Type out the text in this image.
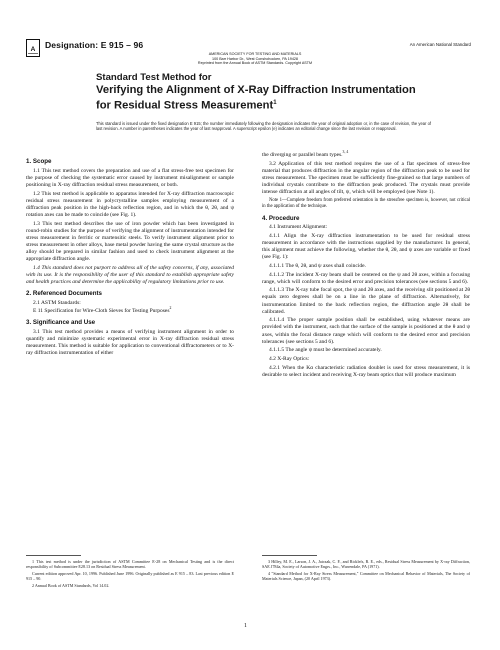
A Designation: E 915 – 96	An American National Standard
AMERICAN SOCIETY FOR TESTING AND MATERIALS
100 Barr Harbor Dr., West Conshohocken, PA 19428
Reprinted from the Annual Book of ASTM Standards. Copyright ASTM
Standard Test Method for
Verifying the Alignment of X-Ray Diffraction Instrumentation
for Residual Stress Measurement$^1$
This standard is issued under the fixed designation E 915; the number immediately following the designation indicates the year of original adoption or, in the case of revision, the year of last revision. A number in parentheses indicates the year of last reapproval. A superscript epsilon (e) indicates an editorial change since the last revision or reapproval.
1. Scope

1.1 This test method covers the preparation and use of a flat stress-free test specimen for the purpose of checking the systematic error caused by instrument misalignment or sample positioning in X-ray diffraction residual stress measurement, or both.

1.2 This test method is applicable to apparatus intended for X-ray diffraction macroscopic residual stress measurement in polycrystalline samples employing measurement of a diffraction peak position in the high-back reflection region, and in which the θ, 2θ, and ψ rotation axes can be made to coincide (see Fig. 1).

1.3 This test method describes the use of iron powder which has been investigated in round-robin studies for the purpose of verifying the alignment of instrumentation intended for stress measurement in ferritic or martensitic steels. To verify instrument alignment prior to stress measurement in other alloys, base metal powder having the same crystal structure as the alloy should be prepared in similar fashion and used to check instrument alignment at the appropriate diffraction angle.

1.4 This standard does not purport to address all of the safety concerns, if any, associated with its use. It is the responsibility of the user of this standard to establish appropriate safety and health practices and determine the applicability of regulatory limitations prior to use.

2. Referenced Documents

2.1 ASTM Standards:

E 11 Specification for Wire-Cloth Sieves for Testing Purposes$^2$

3. Significance and Use

3.1 This test method provides a means of verifying instrument alignment in order to quantify and minimize systematic experimental error in X-ray diffraction residual stress measurement. This method is suitable for application to conventional diffractometers or to X-ray diffraction instrumentation of either

the diverging or parallel beam types.$^{3, 4}$

3.2 Application of this test method requires the use of a flat specimen of stress-free material that produces diffraction in the angular region of the diffraction peak to be used for stress measurement. The specimen must be sufficiently fine-grained so that large numbers of individual crystals contribute to the diffraction peak produced. The crystals must provide intense diffraction at all angles of tilt, ψ, which will be employed (see Note 1).

Note 1—Complete freedom from preferred orientation in the stressfree specimen is, however, not critical in the application of the technique.

4. Procedure

4.1 Instrument Alignment:

4.1.1 Align the X-ray diffraction instrumentation to be used for residual stress measurement in accordance with the instructions supplied by the manufacturer. In general, this alignment must achieve the following, whether the θ, 2θ, and ψ axes are variable or fixed (see Fig. 1):

4.1.1.1 The θ, 2θ, and ψ axes shall coincide.

4.1.1.2 The incident X-ray beam shall be centered on the ψ and 2θ axes, within a focusing range, which will conform to the desired error and precision tolerances (see sections 5 and 6).

4.1.1.3 The X-ray tube focal spot, the ψ and 2θ axes, and the receiving slit positioned at 2θ equals zero degrees shall be on a line in the plane of diffraction. Alternatively, for instrumentation limited to the back reflection region, the diffraction angle 2θ shall be calibrated.

4.1.1.4 The proper sample position shall be established, using whatever means are provided with the instrument, such that the surface of the sample is positioned at the θ and ψ axes, within the focal distance range which will conform to the desired error and precision tolerances (see sections 5 and 6).

4.1.1.5 The angle ψ must be determined accurately.

4.2 X-Ray Optics:

4.2.1 When the Kα characteristic radiation doublet is used for stress measurement, it is desirable to select incident and receiving X-ray beam optics that will produce maximum

1 This test method is under the jurisdiction of ASTM Committee E-28 on Mechanical Testing and is the direct responsibility of Subcommittee E28.13 on Residual Stress Measurement.
Current edition approved Apr. 10, 1996. Published June 1996. Originally published as E 915 – 83. Last previous edition E 915 – 90.
2 Annual Book of ASTM Standards, Vol 14.02.
3 Hilley, M. E., Larson, J. A., Jatczak, C. F., and Ricklefs, R. E., eds., Residual Stress Measurement by X-ray Diffraction, SAE J784a, Society of Automotive Engrs., Inc., Warrendale, PA (1971).
4 "Standard Method for X-Ray Stress Measurement," Committee on Mechanical Behavior of Materials, The Society of Materials Science, Japan, (20 April 1973).
1
